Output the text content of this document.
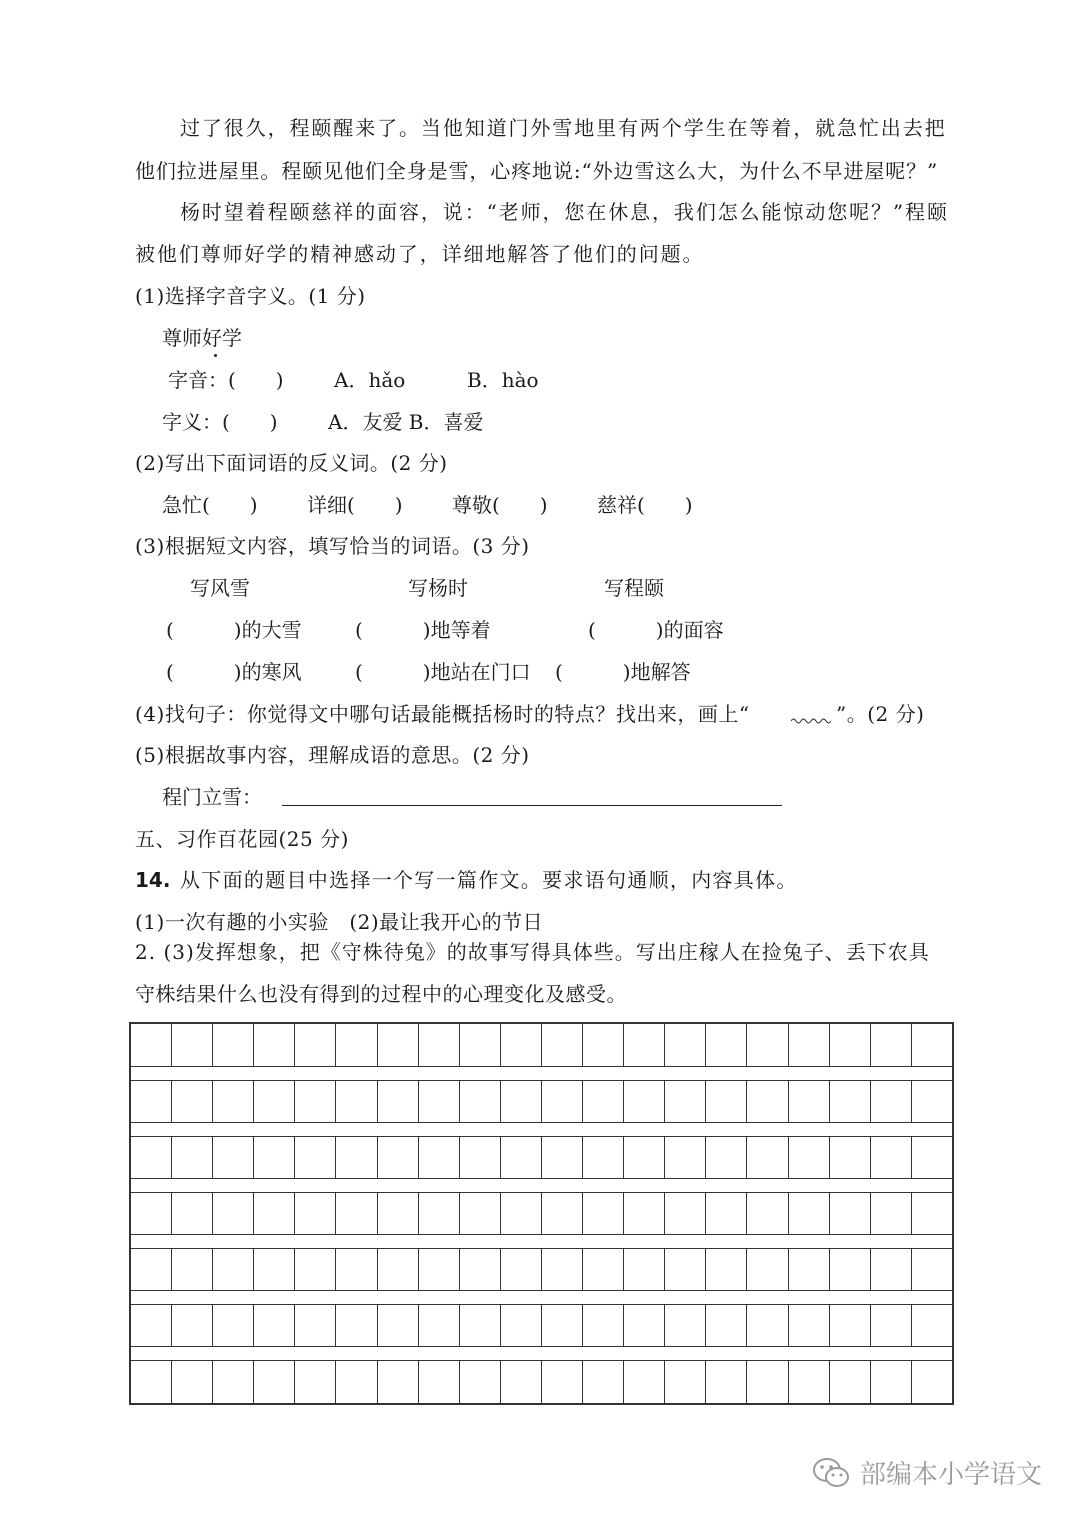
过了很久，程颐醒来了。当他知道门外雪地里有两个学生在等着，就急忙出去把
他们拉进屋里。程颐见他们全身是雪，心疼地说:“外边雪这么大，为什么不早进屋呢？”
杨时望着程颐慈祥的面容，说：“老师，您在休息，我们怎么能惊动您呢？”程颐
被他们尊师好学的精神感动了，详细地解答了他们的问题。
(1)选择字音字义。(1 分)
尊师好学
字音：(　　)	A．hǎo	B．hào
字义：(　　)	A．友爱 B．喜爱
(2)写出下面词语的反义词。(2 分)
急忙(　　) 详细(　　) 尊敬(　　) 慈祥(　　)
(3)根据短文内容，填写恰当的词语。(3 分)
写风雪	写杨时	写程颐
(　　　)的大雪	(　　　)地等着	(　　　)的面容
(　　　)的寒风	(　　　)地站在门口 (　　　)地解答
(4)找句子：你觉得文中哪句话最能概括杨时的特点？找出来，画上“	”。(2 分)
(5)根据故事内容，理解成语的意思。(2 分)
程门立雪：
五、习作百花园(25 分)
14. 从下面的题目中选择一个写一篇作文。要求语句通顺，内容具体。
(1)一次有趣的小实验　(2)最让我开心的节日
2. (3)发挥想象，把《守株待兔》的故事写得具体些。写出庄稼人在捡兔子、丢下农具
守株结果什么也没有得到的过程中的心理变化及感受。
部编本小学语文
